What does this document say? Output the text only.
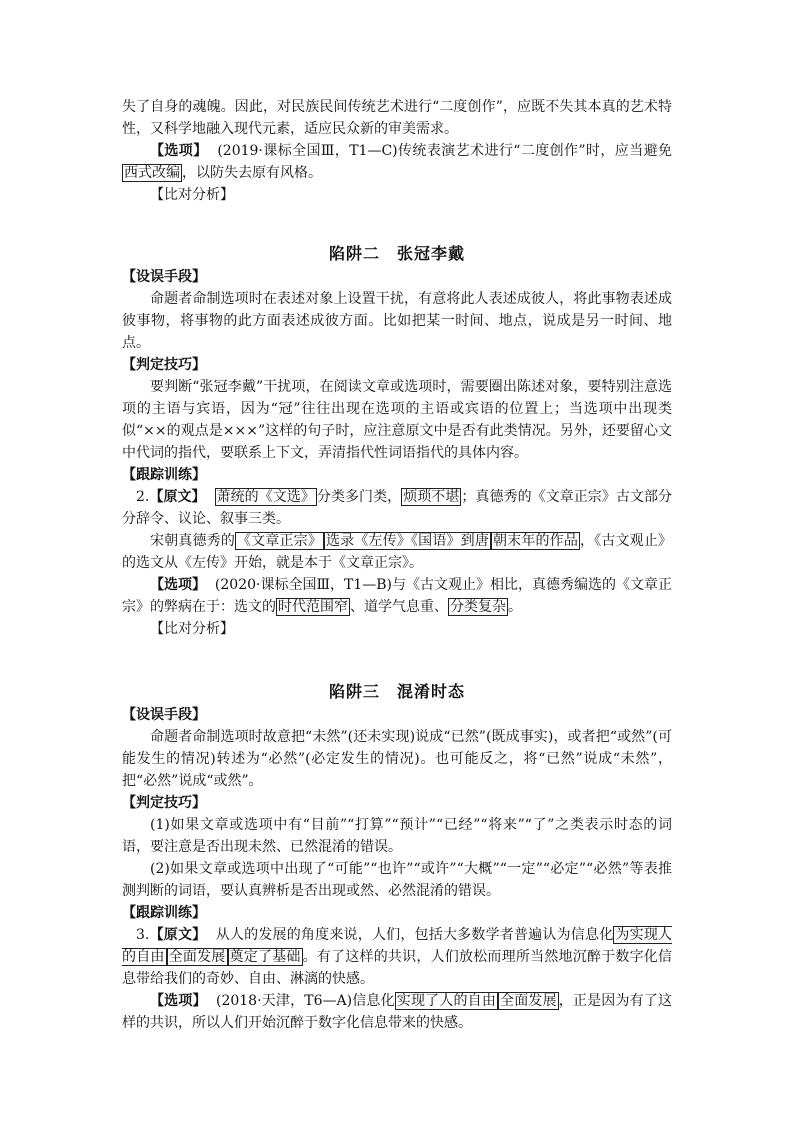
失了自身的魂魄。因此，对民族民间传统艺术进行“二度创作”，应既不失其本真的艺术特性，又科学地融入现代元素，适应民众新的审美需求。

【选项】 (2019·课标全国Ⅲ，T1—C)传统表演艺术进行“二度创作”时，应当避免西式改编 ，以防失去原有风格。

【比对分析】

陷阱二　张冠李戴

【设误手段】

命题者命制选项时在表述对象上设置干扰，有意将此人表述成彼人，将此事物表述成彼事物，将事物的此方面表述成彼方面。比如把某一时间、地点，说成是另一时间、地点。

【判定技巧】

要判断“张冠李戴”干扰项，在阅读文章或选项时，需要圈出陈述对象，要特别注意选项的主语与宾语，因为“冠”往往出现在选项的主语或宾语的位置上；当选项中出现类似“××的观点是×××”这样的句子时，应注意原文中是否有此类情况。另外，还要留心文中代词的指代，要联系上下文，弄清指代性词语指代的具体内容。

【跟踪训练】

2.【原文】 萧统的《文选》 分类多门类， 烦琐不堪 ；真德秀的《文章正宗》古文部分分辞令、议论、叙事三类。

宋朝真德秀的 《文章正宗》 选录《左传》《国语》到唐 朝末年的作品 ，《古文观止》的选文从《左传》开始，就是本于《文章正宗》。

【选项】 (2020·课标全国Ⅲ，T1—B)与《古文观止》相比，真德秀编选的《文章正宗》的弊病在于：选文的 时代范围窄 、道学气息重、 分类复杂 。

【比对分析】

陷阱三　混淆时态

【设误手段】

命题者命制选项时故意把“未然”(还未实现)说成“已然”(既成事实)，或者把“或然”(可能发生的情况)转述为“必然”(必定发生的情况)。也可能反之，将“已然”说成“未然”，把“必然”说成“或然”。

【判定技巧】

(1)如果文章或选项中有“目前”“打算”“预计”“已经”“将来”“了”之类表示时态的词语，要注意是否出现未然、已然混淆的错误。

(2)如果文章或选项中出现了“可能”“也许”“或许”“大概”“一定”“必定”“必然”等表推测判断的词语，要认真辨析是否出现或然、必然混淆的错误。

【跟踪训练】

3.【原文】 从人的发展的角度来说，人们，包括大多数学者普遍认为信息化 为实现人的自由 全面发展 奠定了基础 。有了这样的共识，人们放松而理所当然地沉醉于数字化信息带给我们的奇妙、自由、淋漓的快感。

【选项】 (2018·天津，T6—A)信息化 实现了人的自由 全面发展 ，正是因为有了这样的共识，所以人们开始沉醉于数字化信息带来的快感。
